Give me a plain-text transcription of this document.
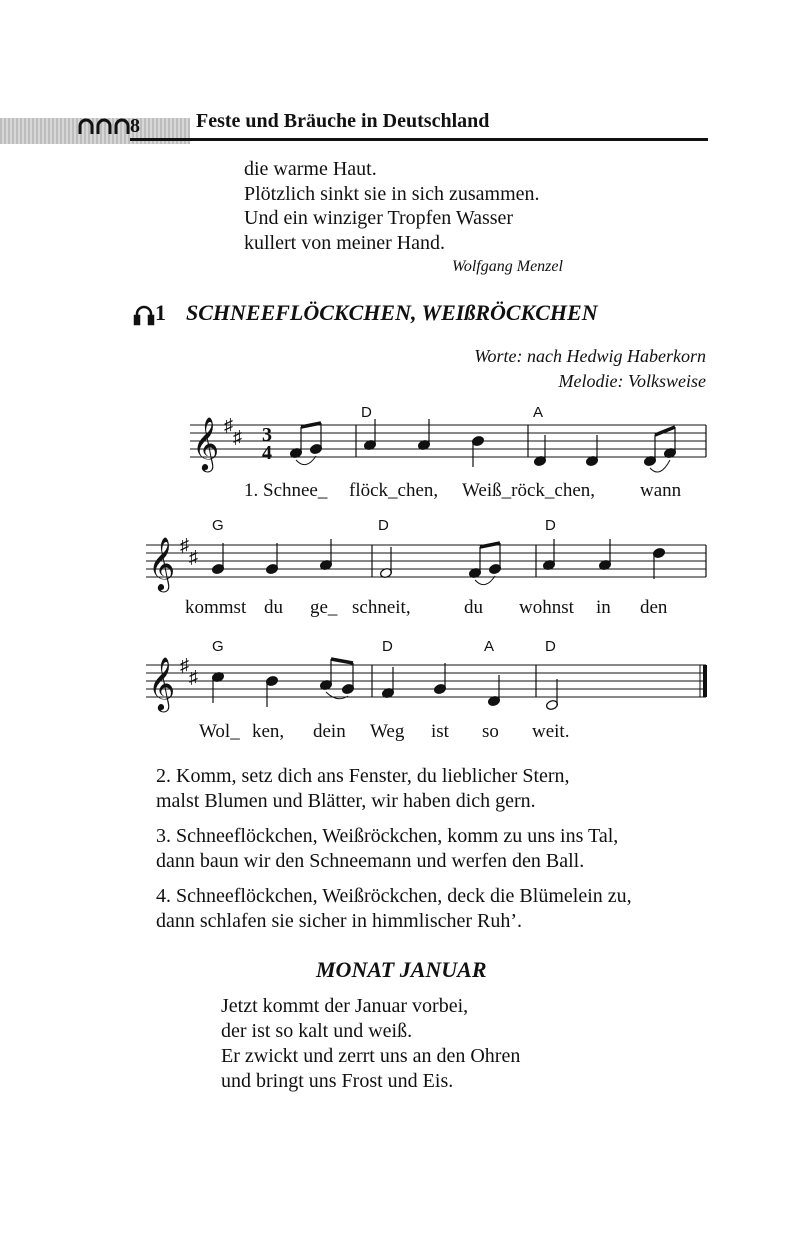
8	Feste und Bräuche in Deutschland
die warme Haut.
Plötzlich sinkt sie in sich zusammen.
Und ein winziger Tropfen Wasser
kullert von meiner Hand.
Wolfgang Menzel
1 SCHNEEFLÖCKCHEN, WEIßRÖCKCHEN
Worte: nach Hedwig Haberkorn
Melodie: Volksweise
𝄞 ♯
♯
𝄞 ♯
♯
𝄞 ♯
♯
3
4
D	A
G	D	D
G	D	A	D
1. Schnee_ flöck_chen, Weiß_röck_chen, wann
kommst du ge_ schneit,	du wohnst in den
Wol_ ken, dein Weg ist so weit.
2. Komm, setz dich ans Fenster, du lieblicher Stern,
malst Blumen und Blätter, wir haben dich gern.
3. Schneeflöckchen, Weißröckchen, komm zu uns ins Tal,
dann baun wir den Schneemann und werfen den Ball.
4. Schneeflöckchen, Weißröckchen, deck die Blümelein zu,
dann schlafen sie sicher in himmlischer Ruh’.
MONAT JANUAR
Jetzt kommt der Januar vorbei,
der ist so kalt und weiß.
Er zwickt und zerrt uns an den Ohren
und bringt uns Frost und Eis.
